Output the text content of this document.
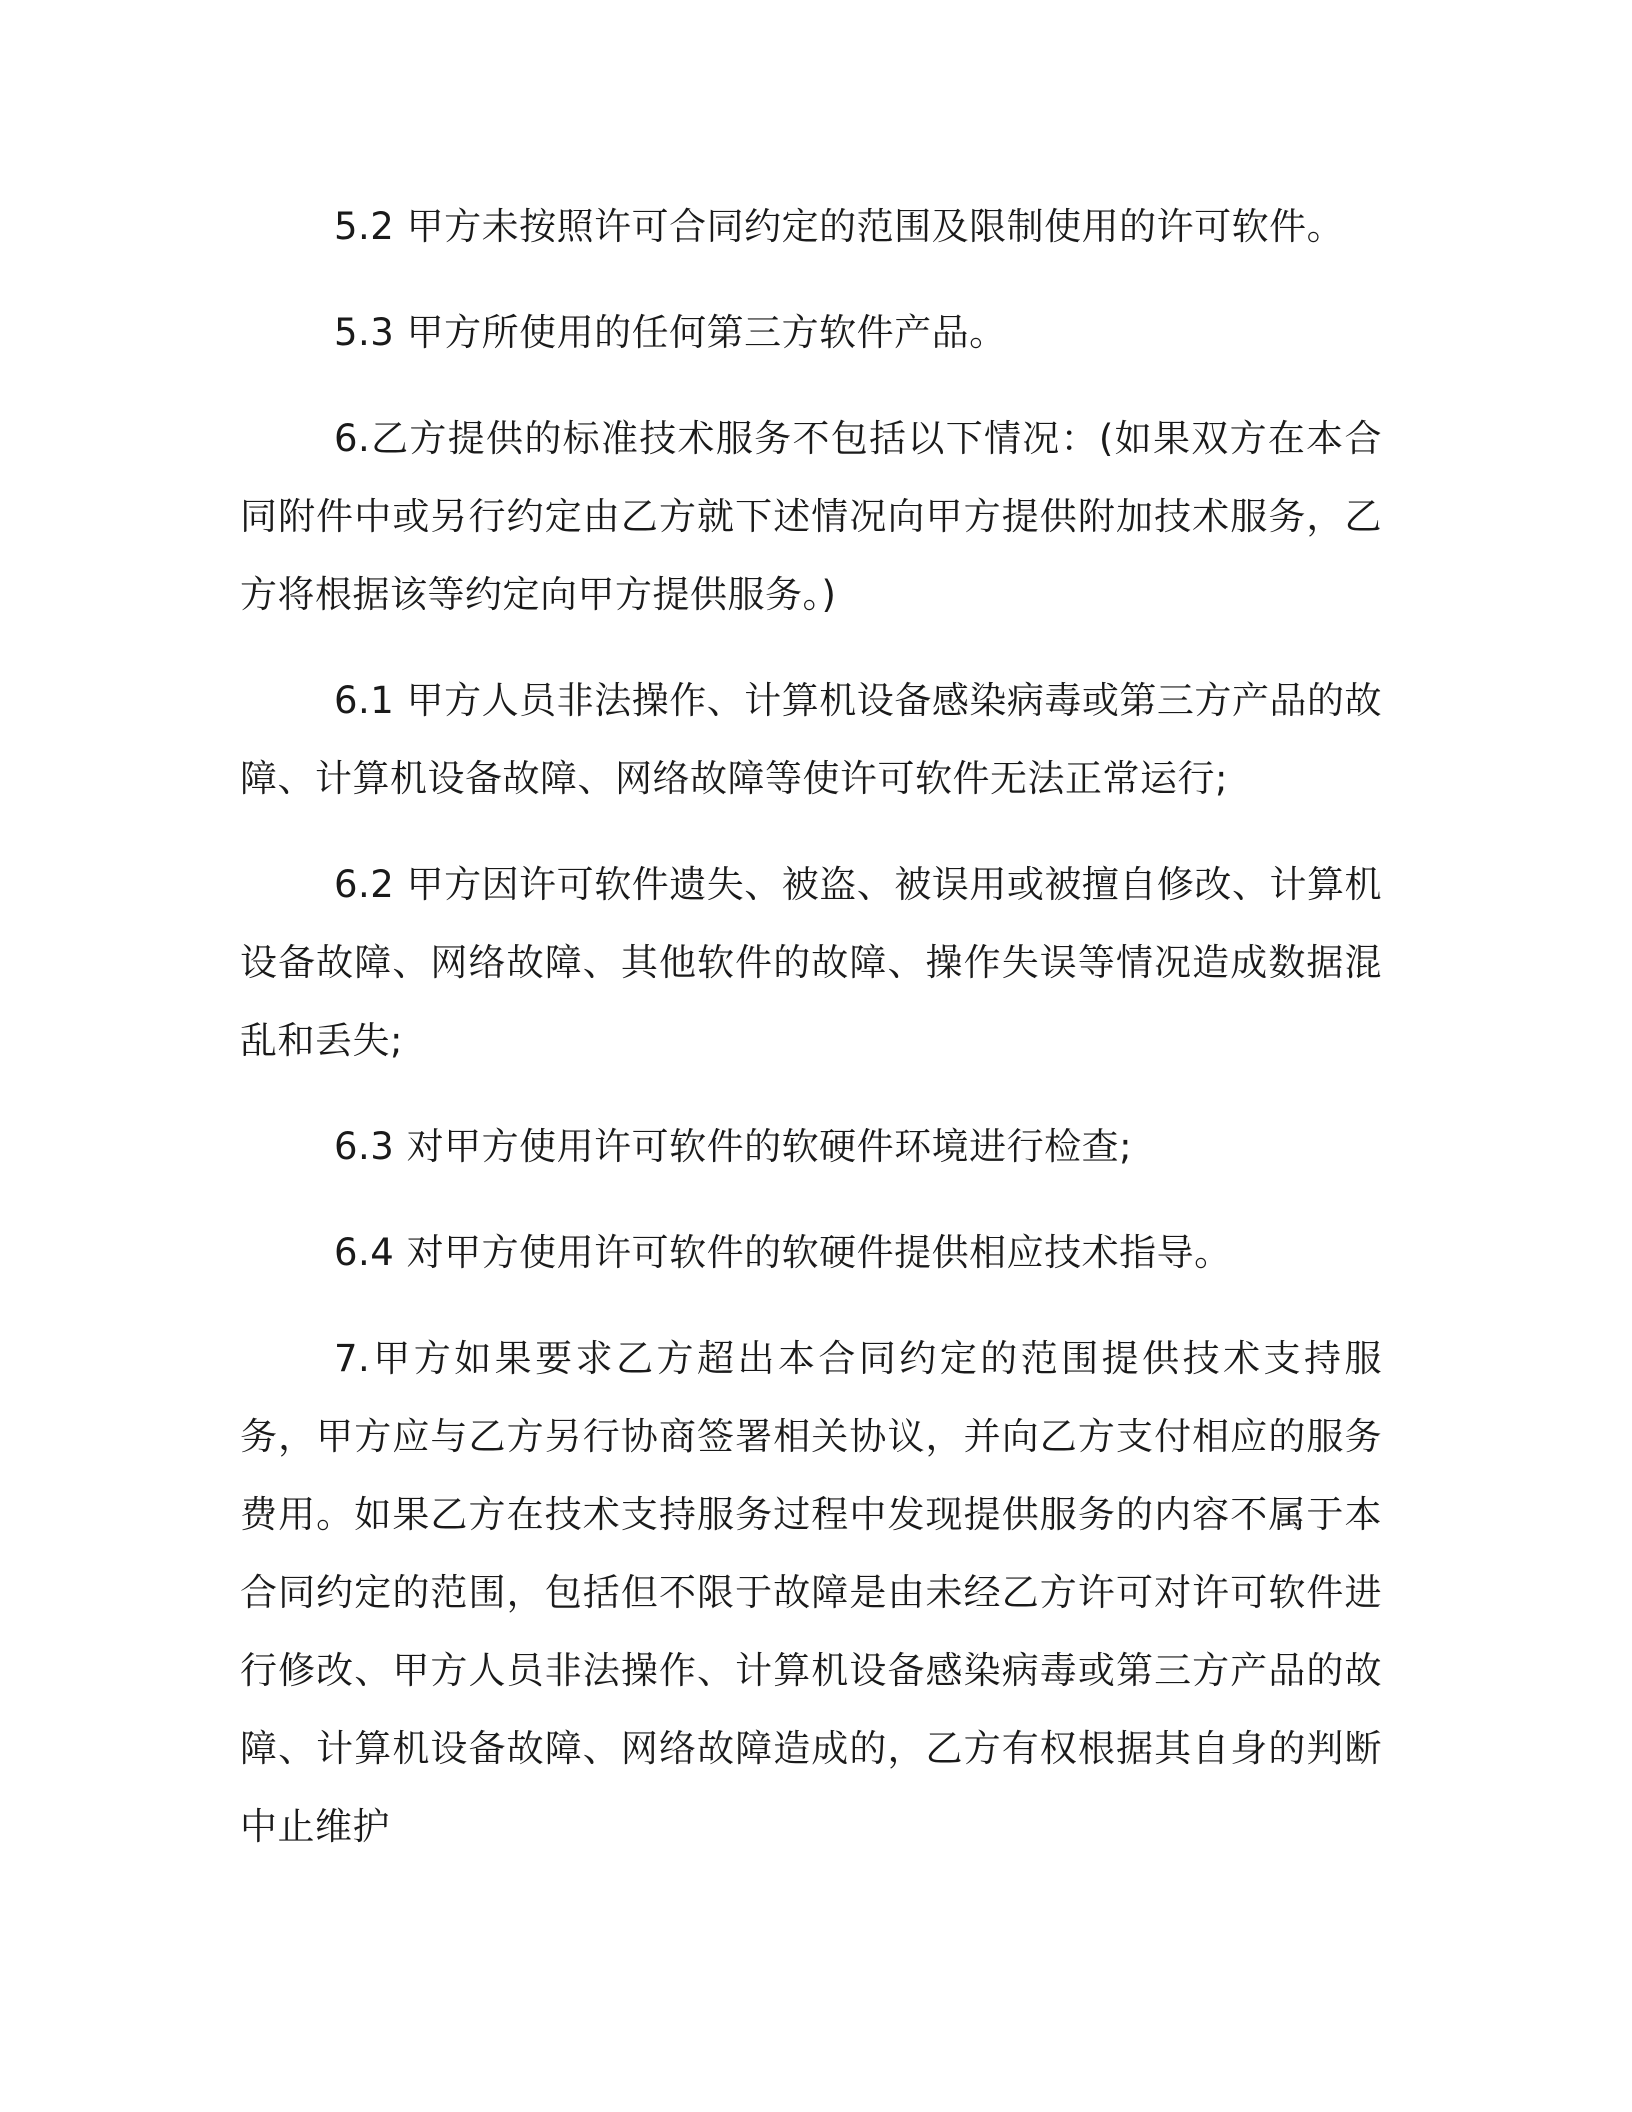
5.2 甲方未按照许可合同约定的范围及限制使用的许可软件。

5.3 甲方所使用的任何第三方软件产品。

6.乙方提供的标准技术服务不包括以下情况：(如果双方在本合同附件中或另行约定由乙方就下述情况向甲方提供附加技术服务，乙方将根据该等约定向甲方提供服务。)

6.1 甲方人员非法操作、计算机设备感染病毒或第三方产品的故障、计算机设备故障、网络故障等使许可软件无法正常运行;

6.2 甲方因许可软件遗失、被盗、被误用或被擅自修改、计算机设备故障、网络故障、其他软件的故障、操作失误等情况造成数据混乱和丢失;

6.3 对甲方使用许可软件的软硬件环境进行检查;

6.4 对甲方使用许可软件的软硬件提供相应技术指导。

7.甲方如果要求乙方超出本合同约定的范围提供技术支持服务，甲方应与乙方另行协商签署相关协议，并向乙方支付相应的服务费用。如果乙方在技术支持服务过程中发现提供服务的内容不属于本合同约定的范围，包括但不限于故障是由未经乙方许可对许可软件进行修改、甲方人员非法操作、计算机设备感染病毒或第三方产品的故障、计算机设备故障、网络故障造成的，乙方有权根据其自身的判断中止维护
